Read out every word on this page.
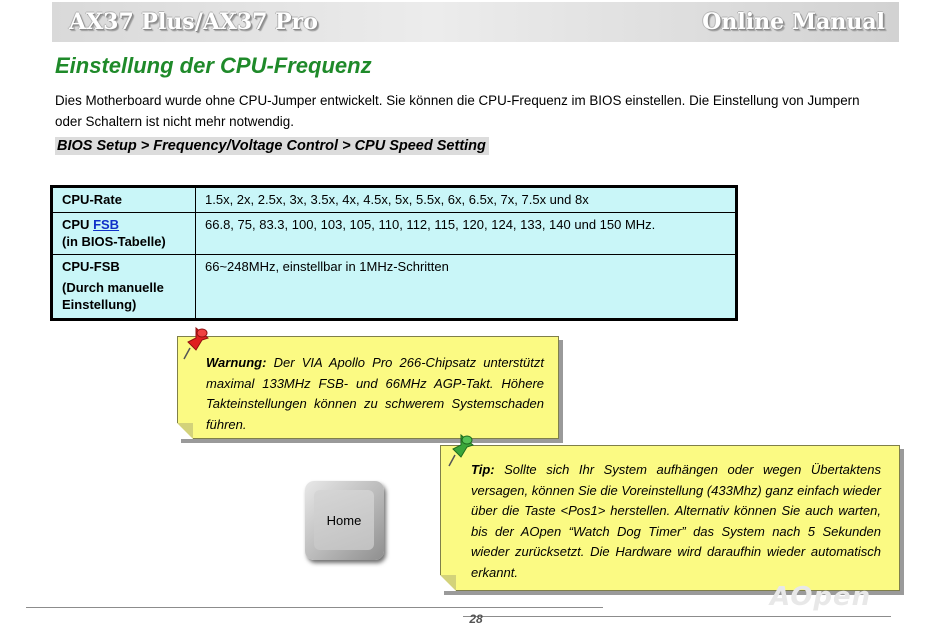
AX37 Plus/AX37 Pro	Online Manual
Einstellung der CPU-Frequenz

Dies Motherboard wurde ohne CPU-Jumper entwickelt. Sie können die CPU-Frequenz im BIOS einstellen. Die Einstellung von Jumpern oder Schaltern ist nicht mehr notwendig.

BIOS Setup > Frequency/Voltage Control > CPU Speed Setting
CPU-Rate	1.5x, 2x, 2.5x, 3x, 3.5x, 4x, 4.5x, 5x, 5.5x, 6x, 6.5x, 7x, 7.5x und 8x

CPU FSB
(in BIOS-Tabelle)	66.8, 75, 83.3, 100, 103, 105, 110, 112, 115, 120, 124, 133, 140 und 150 MHz.

CPU-FSB
(Durch manuelle Einstellung)	66~248MHz, einstellbar in 1MHz-Schritten

Warnung: Der VIA Apollo Pro 266-Chipsatz unterstützt maximal 133MHz FSB- und 66MHz AGP-Takt. Höhere Takteinstellungen können zu schwerem Systemschaden führen.

Tip: Sollte sich Ihr System aufhängen oder wegen Übertaktens versagen, können Sie die Voreinstellung (433Mhz) ganz einfach wieder über die Taste <Pos1> herstellen. Alternativ können Sie auch warten, bis der AOpen “Watch Dog Timer” das System nach 5 Sekunden wieder zurücksetzt. Die Hardware wird daraufhin wieder automatisch erkannt.

Home
AOpen
28
